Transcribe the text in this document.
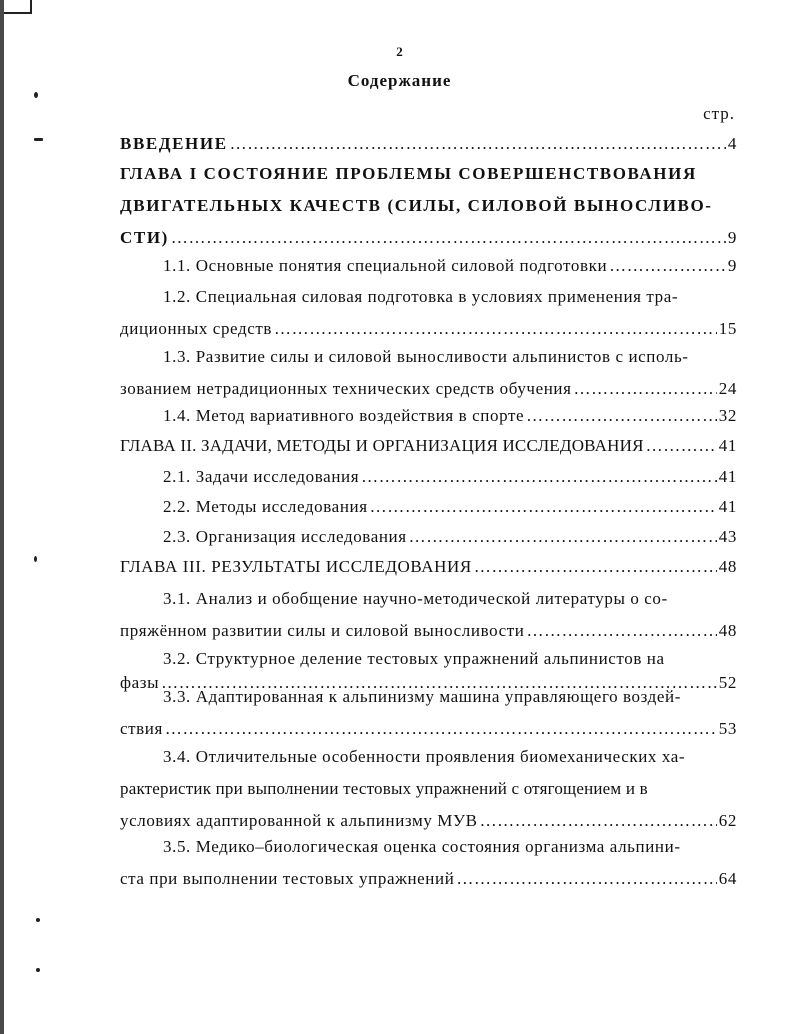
2
Содержание
стр.
ВВЕДЕНИЕ ……………………………………………………………………………………………………………………………………………………………………………………	4
ГЛАВА I СОСТОЯНИЕ ПРОБЛЕМЫ СОВЕРШЕНСТВОВАНИЯ
ДВИГАТЕЛЬНЫХ КАЧЕСТВ (СИЛЫ, СИЛОВОЙ ВЫНОСЛИВО-
СТИ) ……………………………………………………………………………………………………………………………………………………………………………………	9
1.1. Основные понятия специальной силовой подготовки ……………………………………………………………………………………………………………………………………………………………………………………	9
1.2. Специальная силовая подготовка в условиях применения тра-
диционных средств ……………………………………………………………………………………………………………………………………………………………………………………	15
1.3. Развитие силы и силовой выносливости альпинистов с исполь-
зованием нетрадиционных технических средств обучения ……………………………………………………………………………………………………………………………………………………………………………………	24
1.4. Метод вариативного воздействия в спорте ……………………………………………………………………………………………………………………………………………………………………………………	32
ГЛАВА II. ЗАДАЧИ, МЕТОДЫ И ОРГАНИЗАЦИЯ ИССЛЕДОВАНИЯ ……………………………………………………………………………………………………………………………………………………………………………………	41
2.1. Задачи исследования ……………………………………………………………………………………………………………………………………………………………………………………	.41
2.2. Методы исследования ……………………………………………………………………………………………………………………………………………………………………………………	41
2.3. Организация исследования ……………………………………………………………………………………………………………………………………………………………………………………	43
ГЛАВА III. РЕЗУЛЬТАТЫ ИССЛЕДОВАНИЯ ……………………………………………………………………………………………………………………………………………………………………………………	48
3.1. Анализ и обобщение научно-методической литературы о со-
пряжённом развитии силы и силовой выносливости ……………………………………………………………………………………………………………………………………………………………………………………	48
3.2. Структурное деление тестовых упражнений альпинистов на
фазы ……………………………………………………………………………………………………………………………………………………………………………………	52
3.3. Адаптированная к альпинизму машина управляющего воздей-
ствия ……………………………………………………………………………………………………………………………………………………………………………………	53
3.4. Отличительные особенности проявления биомеханических ха-
рактеристик при выполнении тестовых упражнений с отягощением и в
условиях адаптированной к альпинизму МУВ ……………………………………………………………………………………………………………………………………………………………………………………	62
3.5. Медико–биологическая оценка состояния организма альпини-
ста при выполнении тестовых упражнений ……………………………………………………………………………………………………………………………………………………………………………………	64
